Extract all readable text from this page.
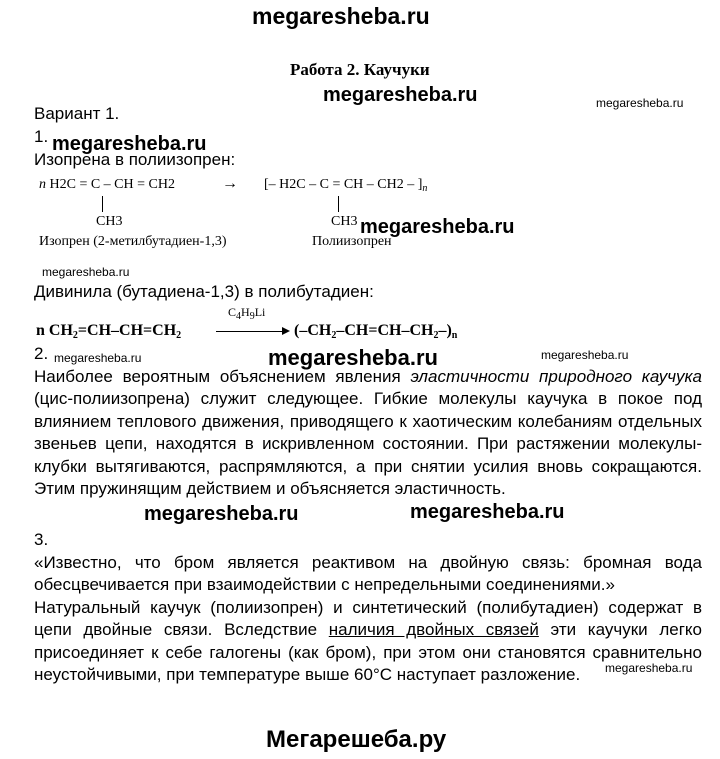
megaresheba.ru
megaresheba.ru	megaresheba.ru
Работа 2. Каучуки
Вариант 1.
1. megaresheba.ru
Изопрена в полиизопрен:
n H2C = C – CH = CH2	→ [– H2C – C = CH – $CH2 - ]_n$
CH3	CH3 megaresheba.ru
Изопрен (2-метилбутадиен-1,3)	Полиизопрен
megaresheba.ru
Дивинила (бутадиена-1,3) в полибутадиен:
$C_4H_9Li$
n $CH_2=CH-CH=CH_2$	$(-CH_2-CH=CH-CH_2-)_n$
2. megaresheba.ru	megaresheba.ru	megaresheba.ru
Наиболее вероятным объяснением явления эластичности природного каучука (цис-полиизопрена) служит следующее. Гибкие молекулы каучука в покое под влиянием теплового движения, приводящего к хаотическим колебаниям отдельных звеньев цепи, находятся в искривленном состоянии. При растяжении молекулы-клубки вытягиваются, распрямляются, а при снятии усилия вновь сокращаются. Этим пружинящим действием и объясняется эластичность.
megaresheba.ru	megaresheba.ru
3.
«Известно, что бром является реактивом на двойную связь: бромная вода обесцвечивается при взаимодействии с непредельными соединениями.»
Натуральный каучук (полиизопрен) и синтетический (полибутадиен) содержат в цепи двойные связи. Вследствие наличия двойных связей эти каучуки легко присоединяет к себе галогены (как бром), при этом они становятся сравнительно неустойчивыми, при температуре выше 60°С наступает разложение.	megaresheba.ru
Мегарешеба.ру
